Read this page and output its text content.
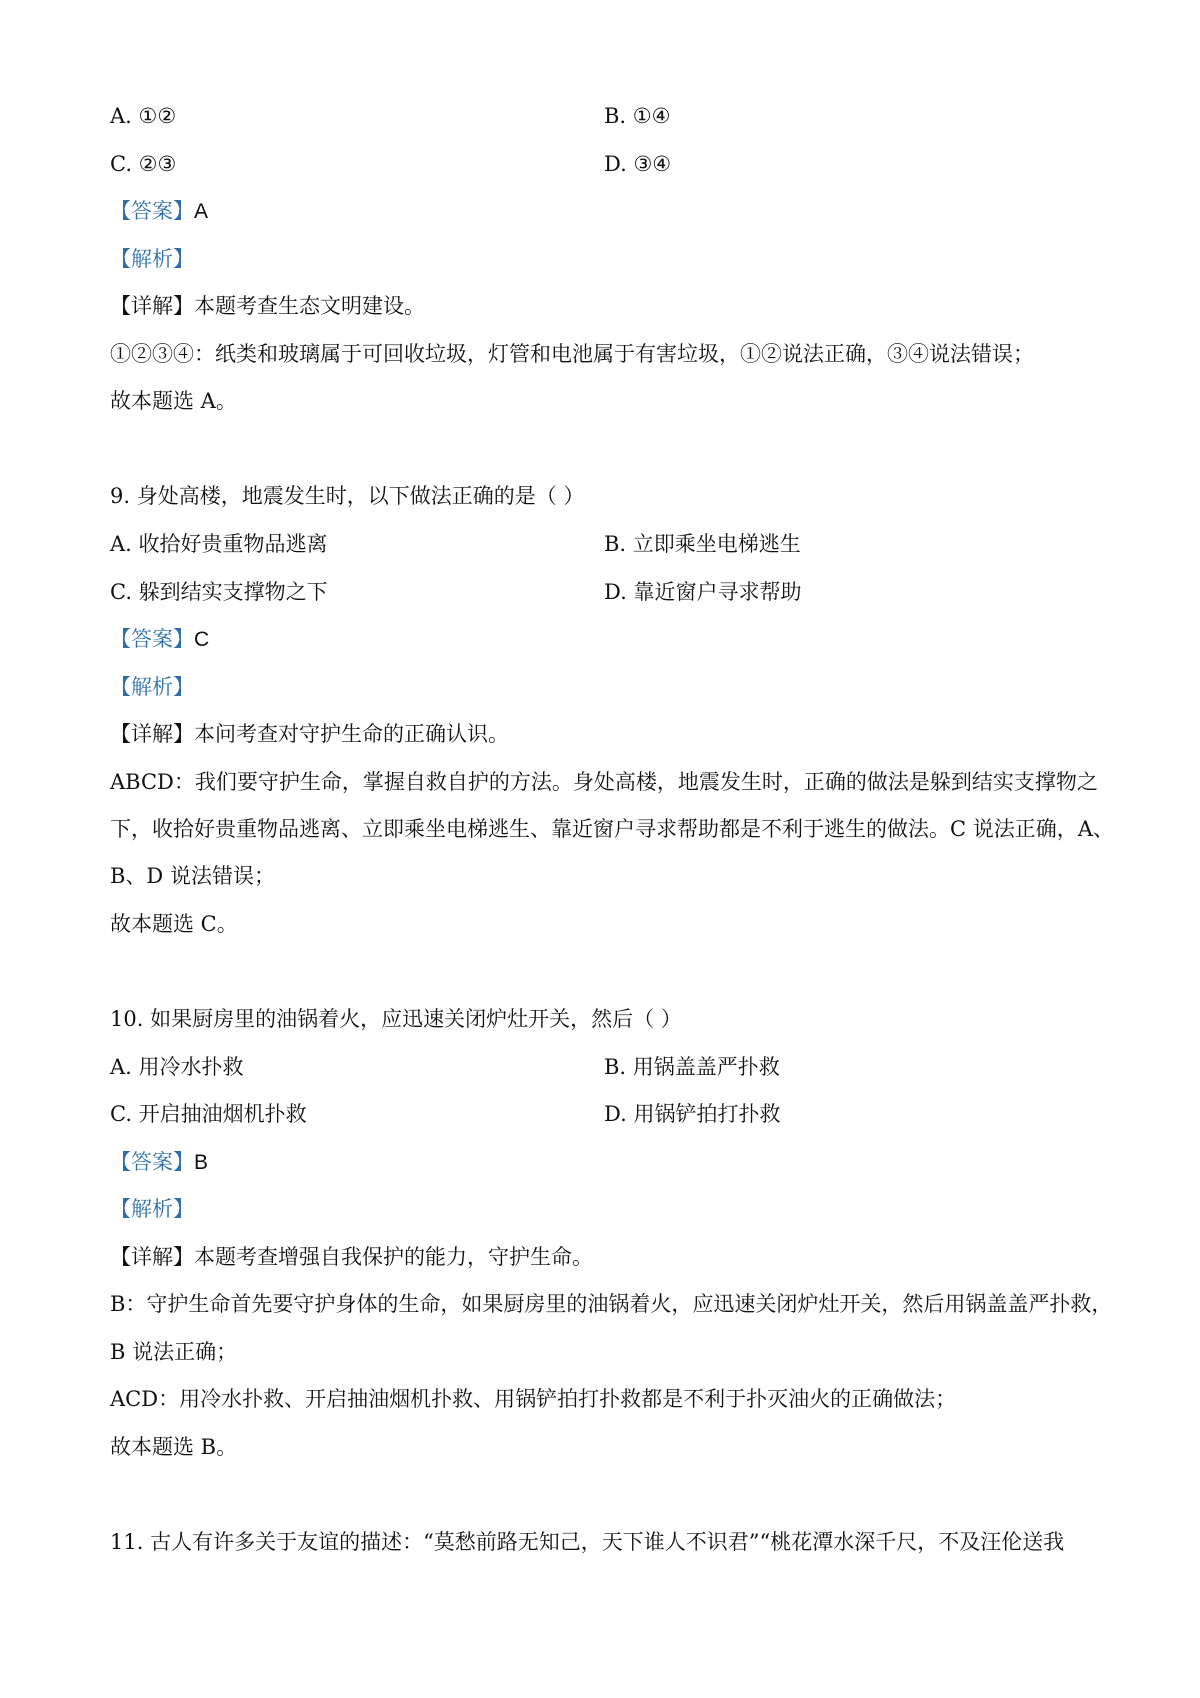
A. ①②	B. ①④
C. ②③	D. ③④
【答案】A
【解析】
【详解】本题考查生态文明建设。
①②③④：纸类和玻璃属于可回收垃圾，灯管和电池属于有害垃圾，①②说法正确，③④说法错误；
故本题选 A。
9. 身处高楼，地震发生时，以下做法正确的是（ ）
A. 收拾好贵重物品逃离	B. 立即乘坐电梯逃生
C. 躲到结实支撑物之下	D. 靠近窗户寻求帮助
【答案】C
【解析】
【详解】本问考查对守护生命的正确认识。
ABCD：我们要守护生命，掌握自救自护的方法。身处高楼，地震发生时，正确的做法是躲到结实支撑物之
下，收拾好贵重物品逃离、立即乘坐电梯逃生、靠近窗户寻求帮助都是不利于逃生的做法。C 说法正确，A、
B、D 说法错误；
故本题选 C。
10. 如果厨房里的油锅着火，应迅速关闭炉灶开关，然后（ ）
A. 用冷水扑救	B. 用锅盖盖严扑救
C. 开启抽油烟机扑救	D. 用锅铲拍打扑救
【答案】B
【解析】
【详解】本题考查增强自我保护的能力，守护生命。
B：守护生命首先要守护身体的生命，如果厨房里的油锅着火，应迅速关闭炉灶开关，然后用锅盖盖严扑救，
B 说法正确；
ACD：用冷水扑救、开启抽油烟机扑救、用锅铲拍打扑救都是不利于扑灭油火的正确做法；
故本题选 B。
11. 古人有许多关于友谊的描述：“莫愁前路无知己，天下谁人不识君”“桃花潭水深千尺，不及汪伦送我
